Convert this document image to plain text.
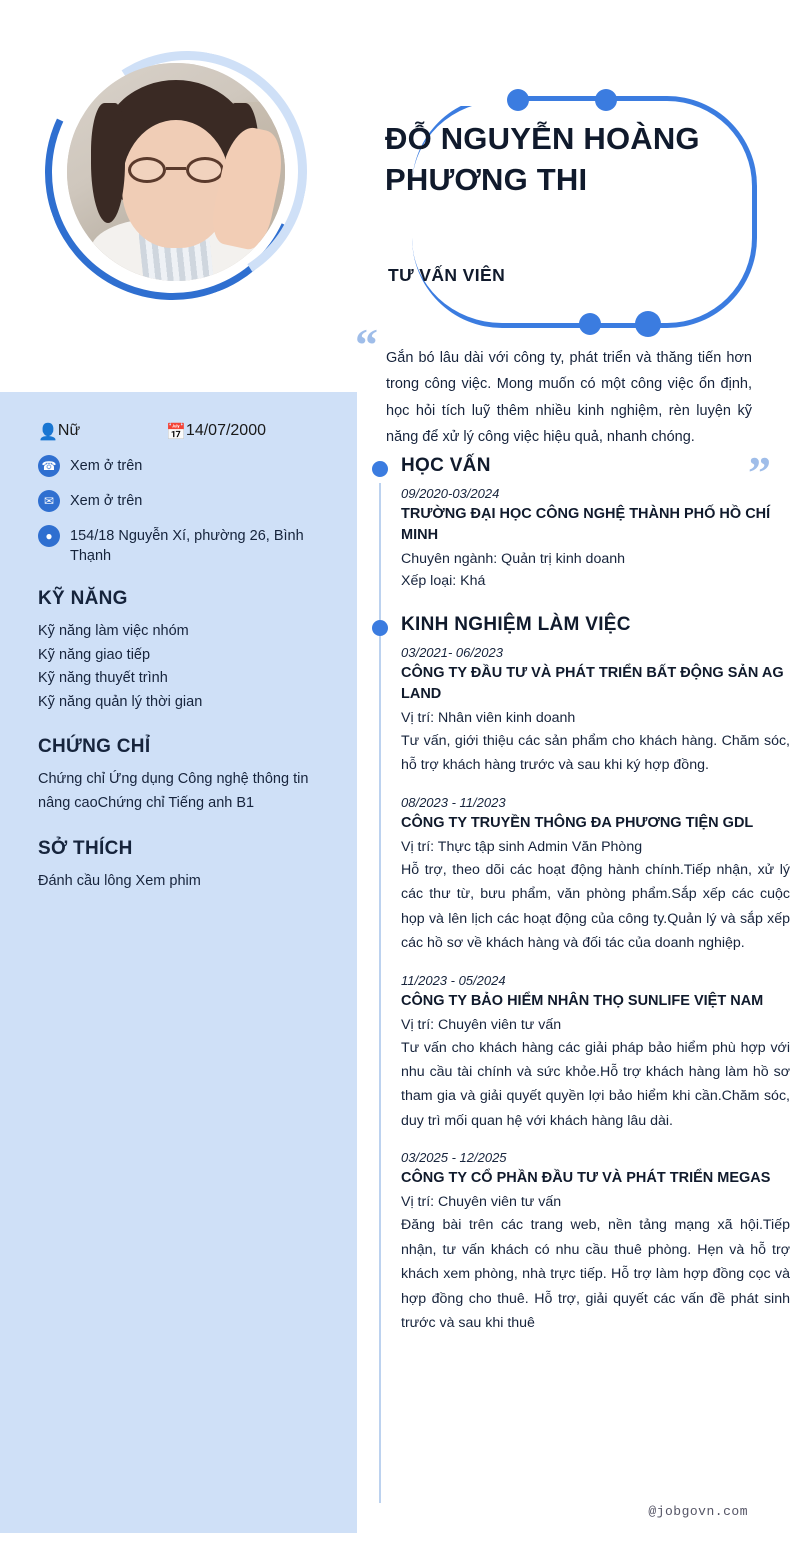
👤 Nữ	📅 14/07/2000
☎ Xem ở trên
✉	Xem ở trên
●	154/18 Nguyễn Xí, phường 26, Bình Thạnh
KỸ NĂNG
Kỹ năng làm việc nhóm
Kỹ năng giao tiếp
Kỹ năng thuyết trình
Kỹ năng quản lý thời gian
CHỨNG CHỈ
Chứng chỉ Ứng dụng Công nghệ thông tin nâng caoChứng chỉ Tiếng anh B1
SỞ THÍCH
Đánh cầu lông Xem phim
ĐỖ NGUYỄN HOÀNG PHƯƠNG THI
TƯ VẤN VIÊN
“ Gắn bó lâu dài với công ty, phát triển và thăng tiến hơn trong công việc. Mong muốn có một công việc ổn định, học hỏi tích luỹ thêm nhiều kinh nghiệm, rèn luyện kỹ năng để xử lý công việc hiệu quả, nhanh chóng.
”
HỌC VẤN
09/2020-03/2024
TRƯỜNG ĐẠI HỌC CÔNG NGHỆ THÀNH PHỐ HỒ CHÍ MINH
Chuyên ngành: Quản trị kinh doanh
Xếp loại: Khá
KINH NGHIỆM LÀM VIỆC
03/2021- 06/2023
CÔNG TY ĐẦU TƯ VÀ PHÁT TRIỂN BẤT ĐỘNG SẢN AG LAND
Vị trí: Nhân viên kinh doanh
Tư vấn, giới thiệu các sản phẩm cho khách hàng. Chăm sóc, hỗ trợ khách hàng trước và sau khi ký hợp đồng.
08/2023 - 11/2023
CÔNG TY TRUYỀN THÔNG ĐA PHƯƠNG TIỆN GDL
Vị trí: Thực tập sinh Admin Văn Phòng
Hỗ trợ, theo dõi các hoạt động hành chính.Tiếp nhận, xử lý các thư từ, bưu phẩm, văn phòng phẩm.Sắp xếp các cuộc họp và lên lịch các hoạt động của công ty.Quản lý và sắp xếp các hồ sơ về khách hàng và đối tác của doanh nghiệp.
11/2023 - 05/2024
CÔNG TY BẢO HIỂM NHÂN THỌ SUNLIFE VIỆT NAM
Vị trí: Chuyên viên tư vấn
Tư vấn cho khách hàng các giải pháp bảo hiểm phù hợp với nhu cầu tài chính và sức khỏe.Hỗ trợ khách hàng làm hồ sơ tham gia và giải quyết quyền lợi bảo hiểm khi cần.Chăm sóc, duy trì mối quan hệ với khách hàng lâu dài.
03/2025 - 12/2025
CÔNG TY CỔ PHẦN ĐẦU TƯ VÀ PHÁT TRIỂN MEGAS
Vị trí: Chuyên viên tư vấn
Đăng bài trên các trang web, nền tảng mạng xã hội.Tiếp nhận, tư vấn khách có nhu cầu thuê phòng. Hẹn và hỗ trợ khách xem phòng, nhà trực tiếp. Hỗ trợ làm hợp đồng cọc và hợp đồng cho thuê. Hỗ trợ, giải quyết các vấn đề phát sinh trước và sau khi thuê
@jobgovn.com
